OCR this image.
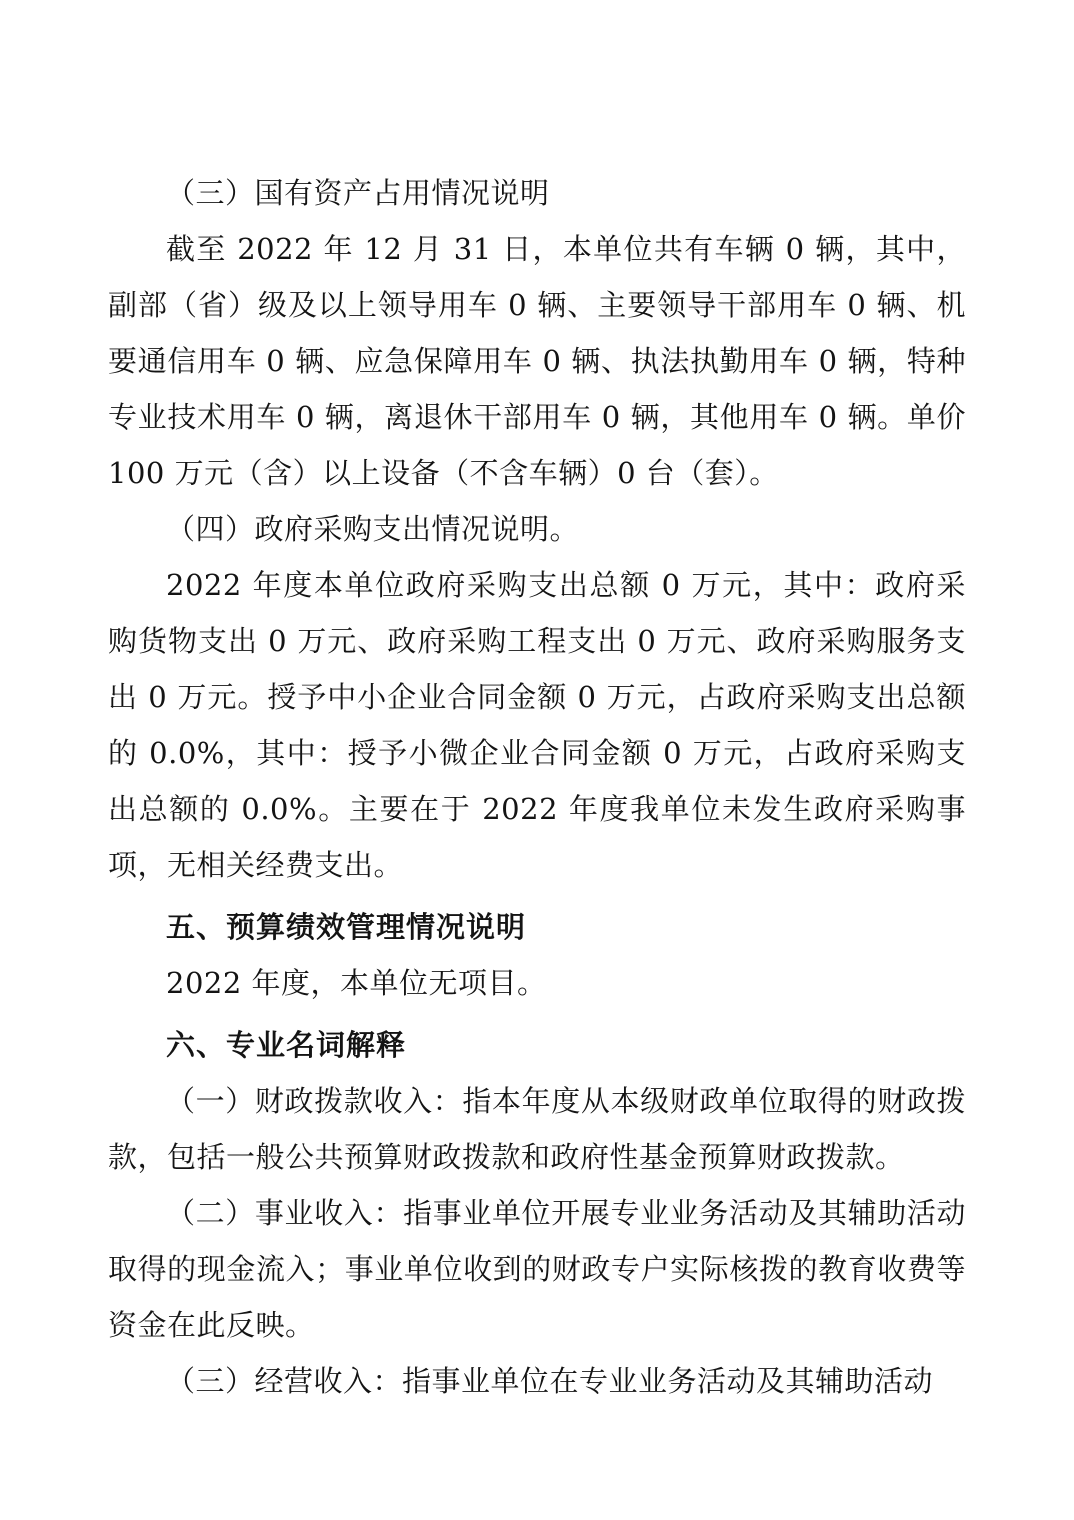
（三）国有资产占用情况说明

截至 2022 年 12 月 31 日，本单位共有车辆 0 辆，其中，副部（省）级及以上领导用车 0 辆、主要领导干部用车 0 辆、机要通信用车 0 辆、应急保障用车 0 辆、执法执勤用车 0 辆，特种专业技术用车 0 辆，离退休干部用车 0 辆，其他用车 0 辆。单价 100 万元（含）以上设备（不含车辆）0 台（套）。

（四）政府采购支出情况说明。

2022 年度本单位政府采购支出总额 0 万元，其中：政府采购货物支出 0 万元、政府采购工程支出 0 万元、政府采购服务支出 0 万元。授予中小企业合同金额 0 万元，占政府采购支出总额的 0.0%，其中：授予小微企业合同金额 0 万元，占政府采购支出总额的 0.0%。主要在于 2022 年度我单位未发生政府采购事项，无相关经费支出。

五、预算绩效管理情况说明

2022 年度，本单位无项目。

六、专业名词解释

（一）财政拨款收入：指本年度从本级财政单位取得的财政拨款，包括一般公共预算财政拨款和政府性基金预算财政拨款。

（二）事业收入：指事业单位开展专业业务活动及其辅助活动取得的现金流入；事业单位收到的财政专户实际核拨的教育收费等资金在此反映。

（三）经营收入：指事业单位在专业业务活动及其辅助活动
